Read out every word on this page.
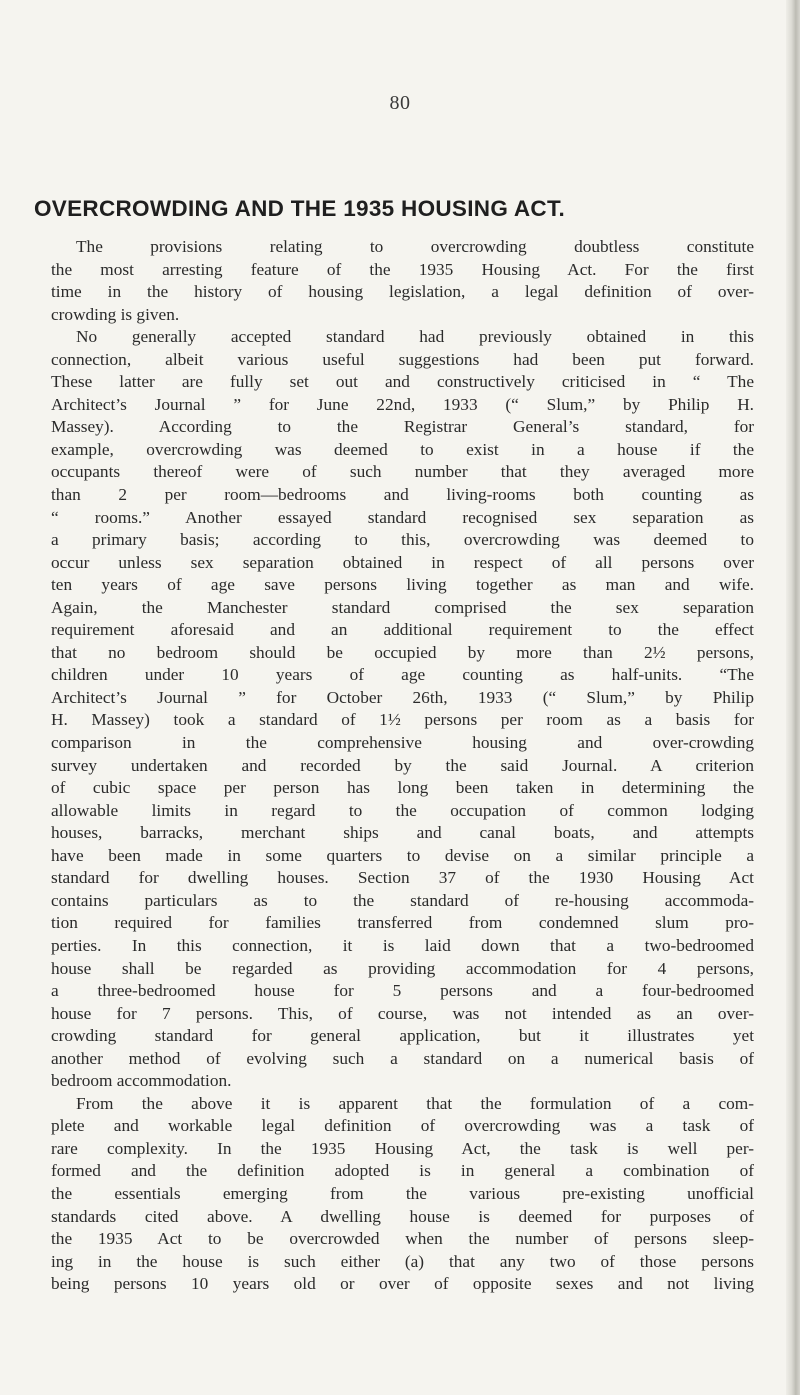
80
OVERCROWDING AND THE 1935 HOUSING ACT.
The provisions relating to overcrowding doubtless constitute
the most arresting feature of the 1935 Housing Act. For the first
time in the history of housing legislation, a legal definition of over-
crowding is given.
No generally accepted standard had previously obtained in this
connection, albeit various useful suggestions had been put forward.
These latter are fully set out and constructively criticised in “ The
Architect’s Journal ” for June 22nd, 1933 (“ Slum,” by Philip H.
Massey). According to the Registrar General’s standard, for
example, overcrowding was deemed to exist in a house if the
occupants thereof were of such number that they averaged more
than 2 per room—bedrooms and living-rooms both counting as
“ rooms.” Another essayed standard recognised sex separation as
a primary basis; according to this, overcrowding was deemed to
occur unless sex separation obtained in respect of all persons over
ten years of age save persons living together as man and wife.
Again, the Manchester standard comprised the sex separation
requirement aforesaid and an additional requirement to the effect
that no bedroom should be occupied by more than 2½ persons,
children under 10 years of age counting as half-units. “The
Architect’s Journal ” for October 26th, 1933 (“ Slum,” by Philip
H. Massey) took a standard of 1½ persons per room as a basis for
comparison in the comprehensive housing and over-crowding
survey undertaken and recorded by the said Journal. A criterion
of cubic space per person has long been taken in determining the
allowable limits in regard to the occupation of common lodging
houses, barracks, merchant ships and canal boats, and attempts
have been made in some quarters to devise on a similar principle a
standard for dwelling houses. Section 37 of the 1930 Housing Act
contains particulars as to the standard of re-housing accommoda-
tion required for families transferred from condemned slum pro-
perties. In this connection, it is laid down that a two-bedroomed
house shall be regarded as providing accommodation for 4 persons,
a three-bedroomed house for 5 persons and a four-bedroomed
house for 7 persons. This, of course, was not intended as an over-
crowding standard for general application, but it illustrates yet
another method of evolving such a standard on a numerical basis of
bedroom accommodation.
From the above it is apparent that the formulation of a com-
plete and workable legal definition of overcrowding was a task of
rare complexity. In the 1935 Housing Act, the task is well per-
formed and the definition adopted is in general a combination of
the essentials emerging from the various pre-existing unofficial
standards cited above. A dwelling house is deemed for purposes of
the 1935 Act to be overcrowded when the number of persons sleep-
ing in the house is such either (a) that any two of those persons
being persons 10 years old or over of opposite sexes and not living
